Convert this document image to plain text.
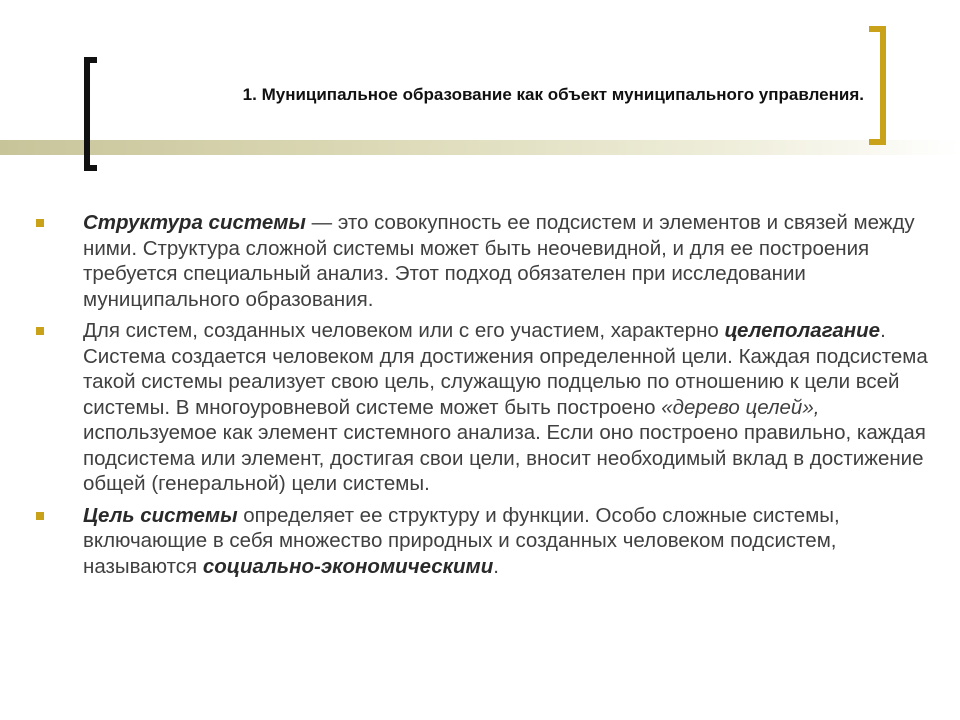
1. Муниципальное образование как объект муниципального управления.

Структура системы — это совокупность ее подсистем и элементов и связей между ними. Структура сложной системы может быть неочевидной, и для ее построения требуется специальный анализ. Этот подход обязателен при исследовании муниципального образования.

Для систем, созданных человеком или с его участием, характерно целеполагание. Система создается человеком для достижения определенной цели. Каждая подсистема такой системы реализует свою цель, служащую подцелью по отношению к цели всей системы. В многоуровневой системе может быть построено «дерево целей», используемое как элемент системного анализа. Если оно построено правильно, каждая подсистема или элемент, достигая свои цели, вносит необходимый вклад в достижение общей (генеральной) цели системы.

Цель системы определяет ее структуру и функции. Особо сложные системы, включающие в себя множество природных и созданных человеком подсистем, называются социально-экономическими.
